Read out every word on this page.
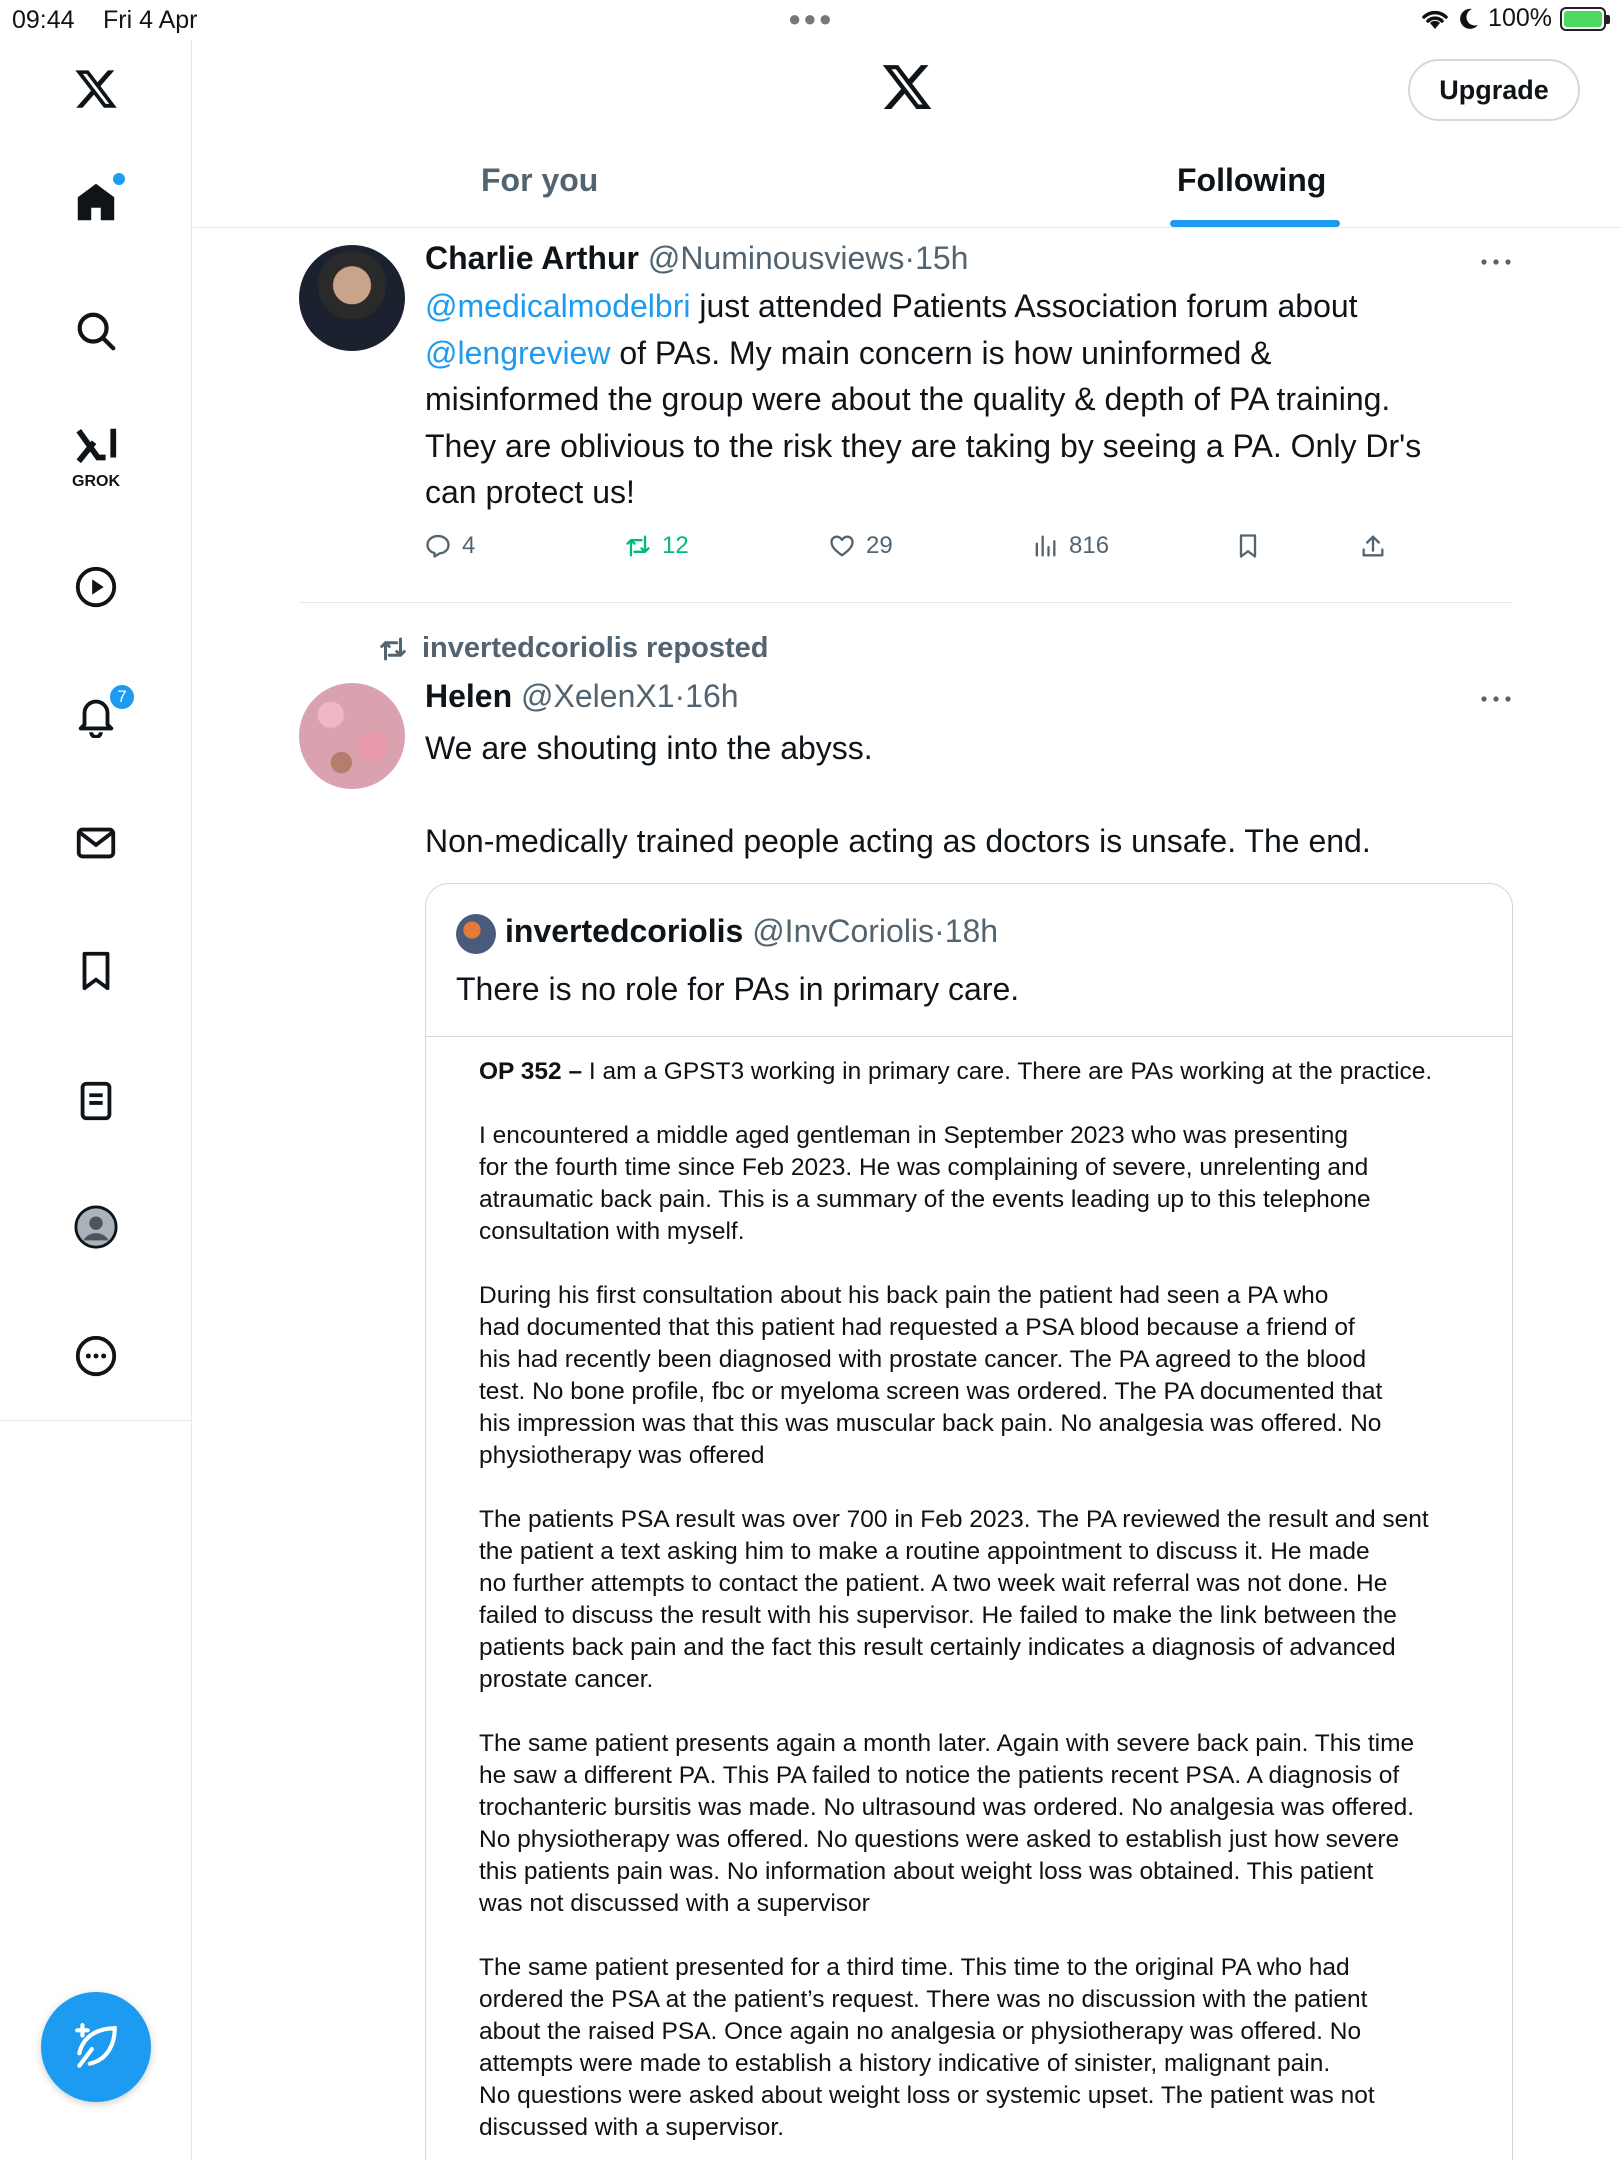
09:44 Fri 4 Apr	●●●	100%
GROK
7
Upgrade
For you	Following
Charlie Arthur @Numinousviews·15h
@medicalmodelbri just attended Patients Association forum about
@lengreview of PAs. My main concern is how uninformed &
misinformed the group were about the quality & depth of PA training.
They are oblivious to the risk they are taking by seeing a PA. Only Dr's
can protect us!
4	12	29	816
invertedcoriolis reposted
Helen @XelenX1·16h
We are shouting into the abyss.
Non-medically trained people acting as doctors is unsafe. The end.
invertedcoriolis @InvCoriolis·18h
There is no role for PAs in primary care.
OP 352 – I am a GPST3 working in primary care. There are PAs working at the practice.
I encountered a middle aged gentleman in September 2023 who was presenting
for the fourth time since Feb 2023. He was complaining of severe, unrelenting and
atraumatic back pain. This is a summary of the events leading up to this telephone
consultation with myself.
During his first consultation about his back pain the patient had seen a PA who
had documented that this patient had requested a PSA blood because a friend of
his had recently been diagnosed with prostate cancer. The PA agreed to the blood
test. No bone profile, fbc or myeloma screen was ordered. The PA documented that
his impression was that this was muscular back pain. No analgesia was offered. No
physiotherapy was offered
The patients PSA result was over 700 in Feb 2023. The PA reviewed the result and sent
the patient a text asking him to make a routine appointment to discuss it. He made
no further attempts to contact the patient. A two week wait referral was not done. He
failed to discuss the result with his supervisor. He failed to make the link between the
patients back pain and the fact this result certainly indicates a diagnosis of advanced
prostate cancer.
The same patient presents again a month later. Again with severe back pain. This time
he saw a different PA. This PA failed to notice the patients recent PSA. A diagnosis of
trochanteric bursitis was made. No ultrasound was ordered. No analgesia was offered.
No physiotherapy was offered. No questions were asked to establish just how severe
this patients pain was. No information about weight loss was obtained. This patient
was not discussed with a supervisor
The same patient presented for a third time. This time to the original PA who had
ordered the PSA at the patient’s request. There was no discussion with the patient
about the raised PSA. Once again no analgesia or physiotherapy was offered. No
attempts were made to establish a history indicative of sinister, malignant pain.
No questions were asked about weight loss or systemic upset. The patient was not
discussed with a supervisor.
